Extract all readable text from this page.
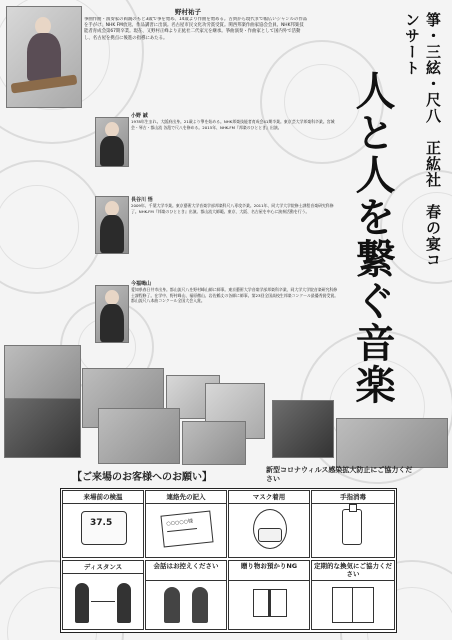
野村祐子
箏曲作曲・演奏家の両親のもと3歳で箏を始め、14歳より作曲を始める。古典から現代まで幅広いジャンルの作品を手がけ、NHK FM放送、作品講習に出演。名古屋市民文化功労賞受賞。関西邦楽作曲家協会会員。NHK邦楽技能者育成会第67期卒業。現在、又野村正峰より正紘社二代家元を継承。箏曲演奏・作曲家として国内外で活動し、名古屋を拠点に後進の指導にあたる。	箏・三絃・尺八　正紘社　春の宴コンサート
人と人を繋ぐ音楽
小野 誠
1978年生まれ。大阪府出身。21歳より箏を始める。NHK邦楽技能者育成会41期卒業。東京芸大学邦楽科卒業。宮城会・琴古・都山流 各派で尺八を修める。2015年、NHK-FM『邦楽のひととき』出演。
長谷川 悟
2009年、千葉大学卒業。東京藝術大学音楽学部邦楽科尺八専攻卒業。2011年、同大学大学院修士課程音楽研究科修了。NHK-FM『邦楽のひととき』出演。都山流大師範。東京、大阪、名古屋を中心に演奏活動を行う。
今福鳴山
愛知県春日井市出身。都山流尺八を野村峰山師に師事。東京藝術大学音楽学部邦楽科卒業、同大学大学院音楽研究科修士課程修了。在学中、野村峰山、福原徹山、岩佐鶴丈の各師に師事。第23回全国高校生邦楽コンクール最優秀賞受賞。都山流尺八本曲コンクール全国大会入賞。
【ご来場のお客様へのお願い】
新型コロナウィルス感染拡大防止にご協力ください
来場前の検温
37.5
連絡先の記入
○○○○○様
マスク着用	手指消毒
ディスタンス	会話はお控えください	贈り物お預かりNG	定期的な換気にご協力ください
